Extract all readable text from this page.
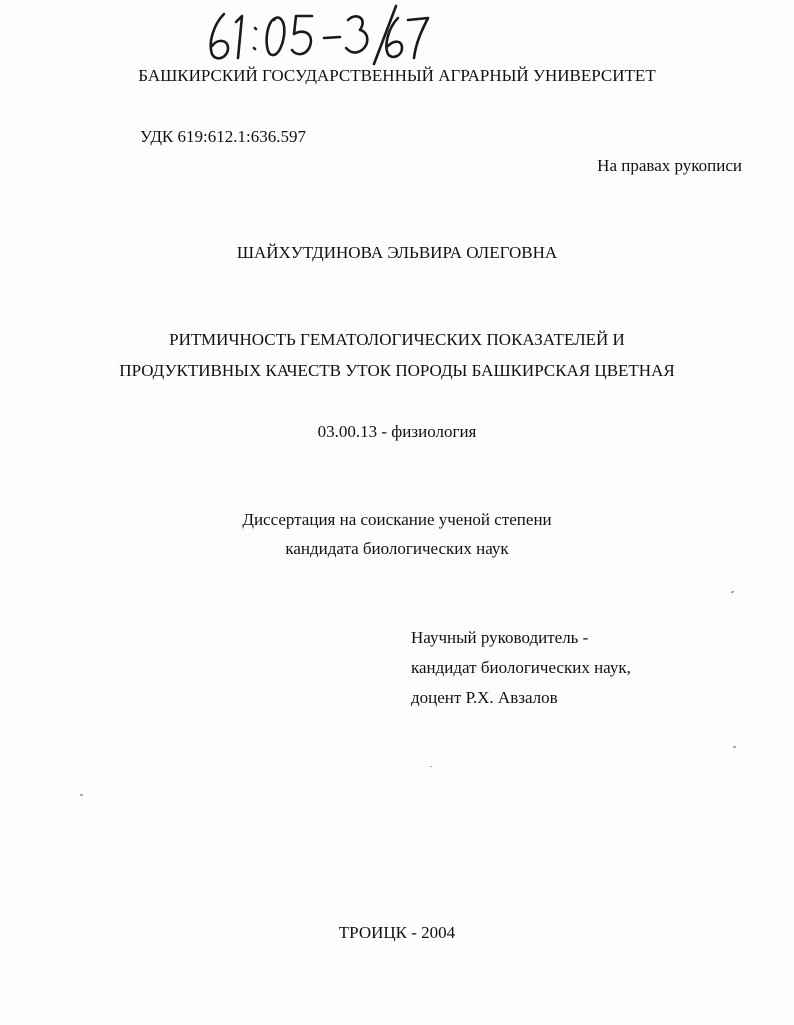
БАШКИРСКИЙ ГОСУДАРСТВЕННЫЙ АГРАРНЫЙ УНИВЕРСИТЕТ
УДК 619:612.1:636.597
На правах рукописи
ШАЙХУТДИНОВА ЭЛЬВИРА ОЛЕГОВНА
РИТМИЧНОСТЬ ГЕМАТОЛОГИЧЕСКИХ ПОКАЗАТЕЛЕЙ И
ПРОДУКТИВНЫХ КАЧЕСТВ УТОК ПОРОДЫ БАШКИРСКАЯ ЦВЕТНАЯ
03.00.13 - физиология
Диссертация на соискание ученой степени
кандидата биологических наук
Научный руководитель -
кандидат биологических наук,
доцент Р.Х. Авзалов
ТРОИЦК - 2004
